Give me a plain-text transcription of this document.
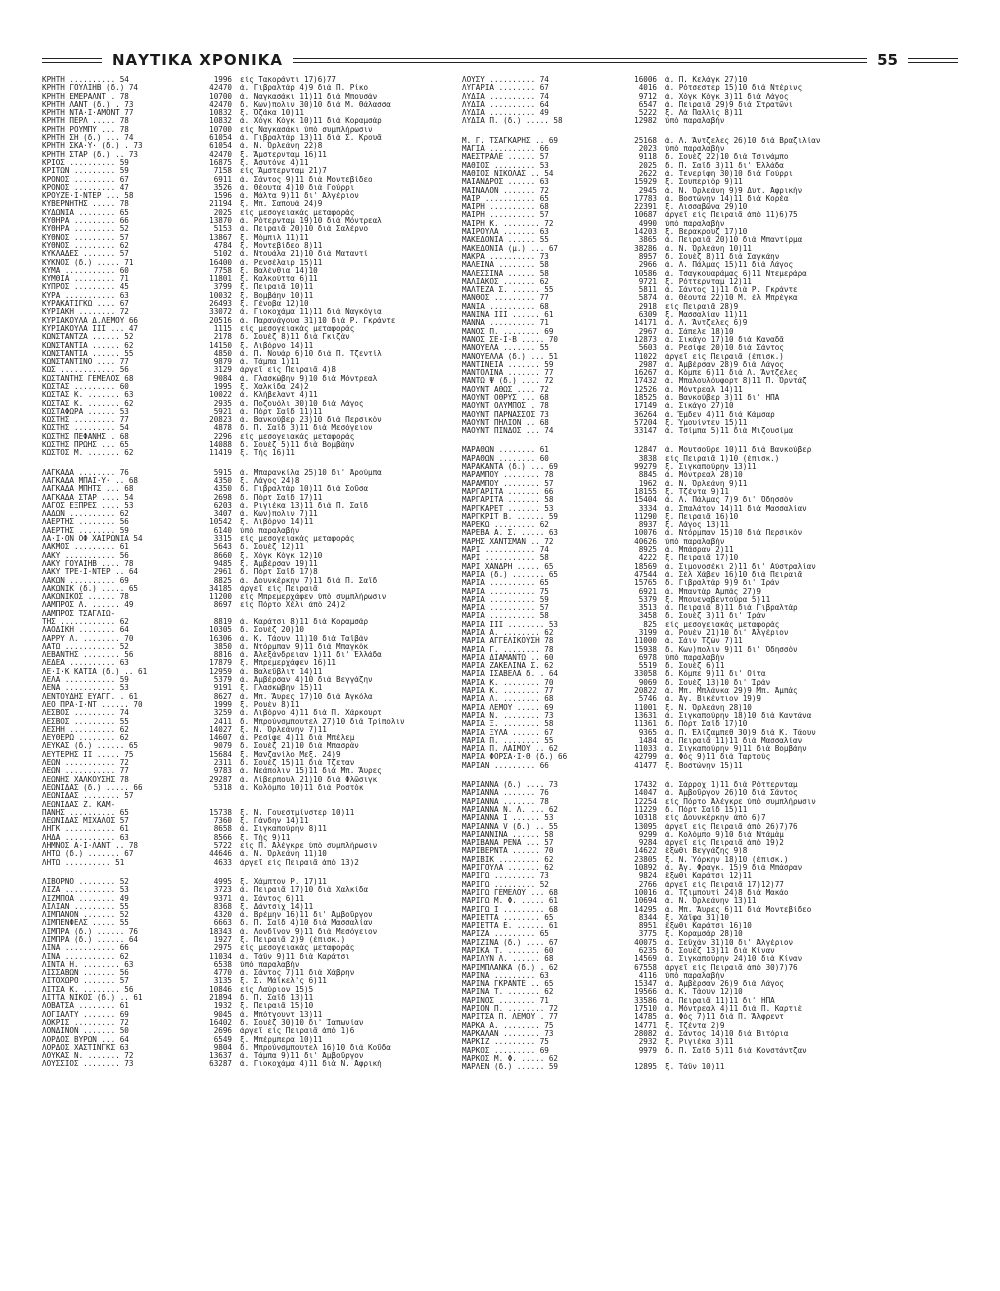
ΝΑΥΤΙΚΑ ΧΡΟΝΙΚΑ	55
ΚΡΗΤΗ .......... 54	1996	εἰς Τακοράντι 17)6)77
ΚΡΗΤΗ ΓΟΥΛΙΗΒ (δ.) 74	42470	ἀ. Γιβραλτὰρ 4)9 διὰ Π. Ρίκο
ΚΡΗΤΗ ΕΜΕΡΑΛΝΤ . 78	10700	ἀ. Ναγκασάκι 11)11 διὰ Μπουσὰν
ΚΡΗΤΗ ΛΑΝΤ (δ.) . 73	42470	δ. Κων)πολιν 30)10 διὰ Μ. Θάλασσα
ΚΡΗΤΗ ΝΤΑ·Ι·ΑΜΟΝΤ 77	10832	ξ. Ὀζάκα 10)11
ΚΡΗΤΗ ΠΕΡΛ ..... 78	10832	ἀ. Χὸγκ Κὸγκ 10)11 διὰ Κοραμσὰρ
ΚΡΗΤΗ ΡΟΥΜΠΥ ... 78	10700	εἰς Ναγκασάκι ὑπὸ συμπλήρωσιν
ΚΡΗΤΗ ΣΗ (δ.) ... 74	61054	ἀ. Γιβραλτὰρ 13)11 διὰ Σ. Κρουᾶ
ΚΡΗΤΗ ΣΚΑ·Υ· (δ.) . 73	61054	ἀ. Ν. Ὀρλεάνη 22)8
ΚΡΗΤΗ ΣΤΑΡ (δ.) .. 73	42470	ξ. Ἄμστερνταμ 16)11
ΚΡΙΟΣ .......... 59	16875	ξ. Ἀσυτόνε 4)11
ΚΡΙΤΩΝ ......... 59	7158	εἰς Ἄμστερνταμ 21)7
ΚΡΟΝΟΣ ......... 67	6911	ἀ. Σάντος 9)11 διὰ Μοντεβίδεο
ΚΡΟΝΟΣ ......... 47	3526	ἀ. Θέουτα 4)10 διὰ Γούρρι
ΚΡΟΥΖΕ·Ι·ΝΤΕΡ ... 58	1596	ἀ. Μάλτα 9)11 δι' Ἀλγέριον
ΚΥΒΕΡΝΗΤΗΣ ..... 78	21194	ξ. Μπ. Σαπουὰ 24)9
ΚΥΔΩΝΙΑ ........ 65	2025	εἰς μεσογειακὰς μεταφορὰς
ΚΥΘΗΡΑ ......... 66	13870	ἀ. Ρότερνταμ 19)10 διὰ Μόντρεαλ
ΚΥΘΗΡΑ ......... 52	5153	ἀ. Πειραιᾶ 20)10 διὰ Σαλέρνο
ΚΥΘΝΟΣ ......... 57	13867	ξ. Μόμπιλ 11)11
ΚΥΘΝΟΣ ......... 62	4784	ξ. Μοντεβίδεο 8)11
ΚΥΚΛΑΔΕΣ ....... 57	5102	ἀ. Ντουάλα 21)10 διὰ Ματαντί
ΚΥΚΝΟΣ (δ.) ..... 71	16400	ἀ. Ρενσέλαιρ 15)11
ΚΥΜΑ ........... 60	7758	ξ. Βαλένθια 14)10
ΚΥΜΘΙΑ ......... 71	11801	ξ. Καλκούττα 6)11
ΚΥΠΡΟΣ ......... 45	3799	ξ. Πειραιᾶ 10)11
ΚΥΡΑ ........... 63	10032	ξ. Βομβάην 10)11
ΚΥΡΑΚΑΤΙΓΚΩ .... 67	26493	ξ. Γένοβα 12)10
ΚΥΡΙΑΚΗ ........ 72	33072	ἀ. Γιοκοχάμα 11)11 διὰ Ναγκόγια
ΚΥΡΙΑΚΟΥΛΑ Δ.ΛΕΜΟΥ 66	20516	ἀ. Παρανάγουα 31)10 διὰ Ρ. Γκράντε
ΚΥΡΙΑΚΟΥΛΑ ΙΙΙ ... 47	1115	εἰς μεσογειακὰς μεταφορὰς
ΚΩΝΣΤΑΝΤΖΑ ...... 52	2178	δ. Σουὲζ 8)11 διὰ Γκιζὰν
ΚΩΝΣΤΑΝΤΙΑ ...... 62	14150	ξ. Λιβόρνο 14)11
ΚΩΝΣΤΑΝΤΙΑ ...... 55	4850	ἀ. Π. Νουὰρ 6)10 διὰ Π. Τζεντὶλ
ΚΩΝΣΤΑΝΤΙΝΟ .... 77	9879	ἀ. Τάμπα 1)11
ΚΩΣ ............ 56	3129	ἀργεῖ εἰς Πειραιᾶ 4)8
ΚΩΣΤΑΝΤΗΣ ΓΕΜΕΛΟΣ 68	9084	ἀ. Γλασκώβην 9)10 διὰ Μόντρεαλ
ΚΩΣΤΑΣ ......... 60	1995	ξ. Χαλκίδα 24)2
ΚΩΣΤΑΣ Κ. ....... 63	10022	ἀ. Κλήβελαντ 4)11
ΚΩΣΤΑΣ Κ. ....... 62	2935	ἀ. Ποζουόλι 30)10 διὰ Λάγος
ΚΩΣΤΑΦΩΡΑ ...... 53	5921	ἀ. Πὸρτ Σαΐδ 11)11
ΚΩΣΤΗΣ ......... 77	20823	ἀ. Βανκούβερ 23)10 διὰ Περσικὸν
ΚΩΣΤΗΣ ......... 54	4878	δ. Π. Σαΐδ 3)11 διὰ Μεσόγειον
ΚΩΣΤΗΣ ΠΕΦΑΝΗΣ . 68	2296	εἰς μεσογειακὰς μεταφορὰς
ΚΩΣΤΗΣ ΠΡΩΗΣ ... 65	14088	δ. Σουὲζ 5)11 διὰ Βομβάην
ΚΩΣΤΟΣ Μ. ....... 62	11419	ξ. Τὴς 16)11
ΛΑΓΚΑΔΑ ........ 76	5915	ἀ. Μπαρανκίλα 25)10 δι' Ἀρούμπα
ΛΑΓΚΑΔΑ ΜΠΑΙ·Υ· .. 68	4350	ξ. Λάγος 24)8
ΛΑΓΚΑΔΑ ΜΠΗΤΣ ... 68	4350	δ. Γιβραλτὰρ 10)11 διὰ Σοῦσα
ΛΑΓΚΑΔΑ ΣΤΑΡ .... 54	2698	δ. Πὸρτ Σαΐδ 17)11
ΛΑΓΟΣ ΕΞΠΡΕΣ .... 53	6203	ἀ. Ριγιέκα 13)11 διὰ Π. Σαΐδ
ΛΑΔΩΝ .......... 62	3407	ἀ. Κων)πολιν 7)11
ΛΑΕΡΤΗΣ ........ 56	10542	ξ. Λιβόρνο 14)11
ΛΑΕΡΤΗΣ ........ 59	6140	ὑπὸ παραλαβὴν
ΛΑ·Ι·ΟΝ ΟΦ ΧΑΙΡΩΝΙΑ 54	3315	εἰς μεσογειακὰς μεταφορὰς
ΛΑΚΜΟΣ ......... 61	5643	δ. Σουὲζ 12)11
ΛΑΚΥ ........... 56	8660	ξ. Χὸγκ Κὸγκ 12)10
ΛΑΚΥ ΓΟΥΑΙΗΒ .... 78	9485	ξ. Ἀμβέρσαν 19)11
ΛΑΚΥ ΤΡΕ·Ι·ΝΤΕΡ .. 64	2961	δ. Πὸρτ Σαΐδ 17)8
ΛΑΚΩΝ .......... 69	8825	ἀ. Δουνκέρκην 7)11 διὰ Π. Σαΐδ
ΛΑΚΩΝΙΚ (δ.) ..... 65	34185	ἀργεῖ εἰς Πειραιᾶ
ΛΑΚΩΝΙΚΟΣ ...... 78	11200	εἰς Μπρεμερχάφεν ὑπὸ συμπλήρωσιν
ΛΑΜΠΡΟΣ Λ. ...... 49	8697	εἰς Πόρτο Χέλι ἀπὸ 24)2
ΛΑΜΠΡΟΣ ΤΣΑΓΛΙΩ-
ΤΗΣ ............ 62	8819	ἀ. Καράτσι 8)11 διὰ Κοραμσὰρ
ΛΑΟΔΙΚΗ ........ 64	10305	δ. Σουὲζ 20)10
ΛΑΡΡΥ Λ. ........ 70	16306	ἀ. Κ. Τάουν 11)10 διὰ Ταϊβὰν
ΛΑΤΩ ........... 52	3850	ἀ. Ντόρμπαν 9)11 διὰ Μπαγκὸκ
ΛΕΒΑΝΤΗΣ ........ 56	8816	ἀ. Ἀλεξάνδρειαν 1)11 δι' Ἑλλάδα
ΛΕΔΕΑ .......... 63	17879	ξ. Μπρεμερχάφεν 16)11
ΛΕ·Ι·Κ ΚΑΤΙΑ (δ.) .. 61	12959	ἀ. Βαλεῦβλιτ 14)11
ΛΕΛΑ ........... 59	5379	ἀ. Ἀμβέρσαν 4)10 διὰ Βεγγάζην
ΛΕΝΑ ........... 53	9191	ξ. Γλασκώβην 15)11
ΛΕΝΤΟΥΔΗΣ ΕΥΑΓΓ. . 61	8627	ἀ. Μπ. Ἄυρες 17)10 διὰ Ἀγκόλα
ΛΕΟ ΠΡΑ·Ι·ΝΤ ...... 70	1999	ξ. Ρουὲν 8)11
ΛΕΣΒΟΣ ......... 74	3259	ἀ. Λιβόρνο 4)11 διὰ Π. Χάρκουρτ
ΛΕΣΒΟΣ ......... 55	2411	δ. Μπρούνσμπουτελ 27)10 διὰ Τρίπολιν
ΛΕΣΗΗ .......... 62	14027	ξ. Ν. Ὀρλεάνην 7)11
ΛΕΥΘΕΡΩ ........ 62	14607	ἀ. Ρεσίφε 4)11 διὰ Μπέλεμ
ΛΕΥΚΑΣ (δ.) ...... 65	9079	δ. Σουὲζ 21)10 διὰ Μπασρὰν
ΛΕΥΤΕΡΗΣ ΙΙ ..... 75	15684	ξ. Μανζανίλο Μεξ. 24)9
ΛΕΩΝ ........... 72	2311	δ. Σουὲζ 15)11 διὰ Τζεταν
ΛΕΩΝ ........... 77	9783	ἀ. Νεάπολιν 15)11 διὰ Μπ. Ἄυρες
ΛΕΩΝΗΣ ΧΑΛΚΟΥΣΗΣ 78	29287	ἀ. Λίβερπουλ 21)10 διὰ Φλῶσιγκ
ΛΕΩΝΙΔΑΣ (δ.) ..... 66	5318	ἀ. Κολόμπο 10)11 διὰ Ροστὸκ
ΛΕΩΝΙΔΑΣ ........ 57
ΛΕΩΝΙΔΑΣ Ζ. ΚΑΜ-
ΠΑΝΗΣ .......... 65	15738	ξ. Ν. Γουεστμίνστερ 10)11
ΛΕΩΝΙΔΑΣ ΜΙΧΑΛΟΣ 57	7360	ξ. Γάνδην 14)11
ΛΗΓΚ ........... 61	8658	ἀ. Σιγκαπούρην 8)11
ΛΗΔΑ ........... 63	8566	ξ. Τὴς 9)11
ΛΗΜΝΟΣ Α·Ι·ΛΑΝΤ .. 78	5722	εἰς Π. Ἀλέγκρε ὑπὸ συμπλήρωσιν
ΛΗΤΩ (δ.) ....... 67	44646	ἀ. Ν. Ὀρλεάνη 11)10
ΛΗΤΩ .......... 51	4633	ἀργεῖ εἰς Πειραιᾶ ἀπὸ 13)2
ΛΙΒΟΡΝΟ ........ 52	4995	ξ. Χάμπτον Ρ. 17)11
ΛΙΖΑ ........... 53	3723	ἀ. Πειραιᾶ 17)10 διὰ Χαλκίδα
ΛΙΖΜΠΟΑ ........ 49	9371	ἀ. Σάντος 6)11
ΛΙΛΙΑΝ ......... 55	8368	ξ. Δάντσιχ 14)11
ΛΙΜΠΑΝΟΝ ....... 52	4320	ἀ. Βρέμην 16)11 δι' Ἀμβοῦργον
ΛΙΜΠΕΝΦΕΛΣ ..... 55	6663	δ. Π. Σαΐδ 4)10 διὰ Μασσαλίαν
ΛΙΜΠΡΑ (δ.) ...... 76	18343	ἀ. Λονδῖνον 9)11 διὰ Μεσόγειον
ΛΙΜΠΡΑ (δ.) ...... 64	1927	ξ. Πειραιᾶ 2)9 (ἐπισκ.)
ΛΙΝΑ ........... 66	2975	εἰς μεσογειακὰς μεταφορὰς
ΛΙΝΑ ........... 62	11034	ἀ. Τάϋν 9)11 διὰ Καράτσι
ΛΙΝΤΑ Η. ........ 63	6538	ὑπὸ παραλαβὴν
ΛΙΣΣΑΒΩΝ ....... 56	4770	ἀ. Σάντος 7)11 διὰ Χάβρην
ΛΙΤΟΧΩΡΟ ....... 57	3135	ξ. Σ. Μάϊκελ'ς 6)11
ΛΙΤΣΑ Κ. ........ 56	10846	εἰς Λαύριον 15)5
ΛΙΤΤΑ ΝΙΚΟΣ (δ.) .. 61	21894	δ. Π. Σαΐδ 13)11
ΛΟΒΑΤΣΑ ........ 61	1932	ξ. Πειραιᾶ 15)10
ΛΟΓΙΑΛΤΥ ....... 69	9045	ἀ. Μπότγουντ 13)11
ΛΟΚΡΙΣ ......... 72	16402	δ. Σουὲζ 30)10 δι' Ἰαπωνίαν
ΛΟΝΔΙΝΟΝ ....... 50	2696	ἀργεῖ εἰς Πειραιᾶ ἀπὸ 1)6
ΛΟΡΔΟΣ ΒΥΡΩΝ ... 64	6549	ξ. Μπέρμπερα 10)11
ΛΟΡΔΟΣ ΧΑΣΤΙΝΓΚΣ 63	9804	δ. Μπρούνσμπουτελ 16)10 διὰ Κοῦδα
ΛΟΥΚΑΣ Ν. ....... 72	13637	ἀ. Τάμπα 9)11 δι' Ἀμβοῦργον
ΛΟΥΣΣΙΟΣ ........ 73	63287	ἀ. Γιοκοχάμα 4)11 διὰ Ν. Ἀφρικὴ
ΛΟΥΣΥ .......... 74	16006	ἀ. Π. Κελάγκ 27)10
ΛΥΓΑΡΙΑ ........ 67	4016	ἀ. Ρότσεστερ 15)10 διὰ Ντέρινς
ΛΥΔΙΑ .......... 74	9712	ἀ. Χὸγκ Κὸγκ 3)11 διὰ Λάγος
ΛΥΔΙΑ .......... 64	6547	ἀ. Πειραιᾶ 29)9 διὰ Στρατῶνι
ΛΥΔΙΑ .......... 49	5222	ξ. Λὰ Παλλὶς 8)11
ΛΥΔΙΑ Π. (δ.) ..... 58	12982	ὑπὸ παραλαβὴν
Μ. Γ. ΤΣΑΓΚΑΡΗΣ .. 69	25168	ἀ. Λ. Ἄντζελες 26)10 διὰ Βραζιλίαν
ΜΑΓΙΑ .......... 66	2023	ὑπὸ παραλαβὴν
ΜΑΕΣΤΡΑΛΕ ...... 57	9118	δ. Σουὲζ 22)10 διὰ Τσινάμπο
ΜΑΘΙΟΣ ......... 53	2025	δ. Π. Σαΐδ 3)11 δι' Ἑλλάδα
ΜΑΘΙΟΣ ΝΙΚΟΛΑΣ .. 54	2622	ἀ. Τενερίφη 30)10 διὰ Γούρρι
ΜΑΙΑΝΔΡΟΣ ...... 63	15929	ξ. Σουπεριὸρ 9)11
ΜΑΙΝΑΛΟΝ ....... 72	2945	ἀ. Ν. Ὀρλεάνη 9)9 Δυτ. Ἀφρικὴν
ΜΑΙΡ ........... 65	17783	ἀ. Βοστώνην 14)11 διὰ Κορέα
ΜΑΙΡΗ .......... 68	22391	ξ. Λισσαβῶνα 29)10
ΜΑΙΡΗ .......... 57	10687	ἀργεῖ εἰς Πειραιᾶ ἀπὸ 11)6)75
ΜΑΙΡΗ Κ. ........ 72	4990	ὑπὸ παραλαβὴν
ΜΑΙΡΟΥΛΑ ....... 63	14203	ξ. Βερακρουζ 17)10
ΜΑΚΕΔΟΝΙΑ ...... 55	3865	ἀ. Πειραιᾶ 20)10 διὰ Μπαντίρμα
ΜΑΚΕΔΟΝΙΑ (μ.) ... 67	38286	ἀ. Ν. Ὀρλεάνη 10)11
ΜΑΚΡΑ .......... 73	8957	δ. Σουὲζ 8)11 διὰ Σαγκάην
ΜΑΛΕΙΝΑ ........ 58	2966	ἀ. Λ. Πάλμας 15)11 διὰ Λάγος
ΜΑΛΕΣΣΙΝΑ ...... 58	10586	ἀ. Τσαγκουαράμας 6)11 Ντεμεράρα
ΜΑΛΙΑΚΟΣ ....... 62	9721	ξ. Ρόττερνταμ 12)11
ΜΑΛΤΕΖΑ Σ. ...... 55	5811	ἀ. Σάντος 1)11 διὰ Ρ. Γκράντε
ΜΑΝΘΟΣ ......... 77	5874	ἀ. Θέουτα 22)10 Μ. ἐλ Μπρέγκα
ΜΑΝΙΑ .......... 68	2918	εἰς Πειραιᾶ 28)9
ΜΑΝΙΝΑ ΙΙΙ ...... 61	6309	ξ. Μασσαλίαν 11)11
ΜΑΝΝΑ .......... 71	14171	ἀ. Λ. Ἄντζελες 6)9
ΜΑΝΟΣ Π. ........ 69	2967	ἀ. Σάπελε 18)10
ΜΑΝΟΣ ΣΕ·Ι·Β ..... 70	12873	ἀ. Σικάγο 17)10 διὰ Καναδᾶ
ΜΑΝΟΥΕΛΑ ....... 55	5603	ἀ. Ρεσίφε 20)10 διὰ Σάντος
ΜΑΝΟΥΕΛΛΑ (δ.) ... 51	11022	ἀργεῖ εἰς Πειραιᾶ (ἐπισκ.)
ΜΑΝΤΙΝΕΙΑ ....... 59	2987	ἀ. Ἀμβέρσαν 28)9 διὰ Λάγος
ΜΑΝΤΟΛΙΝΑ ....... 77	16267	ἀ. Κόμπε 6)11 διὰ Λ. Ἄντζελες
ΜΑΝΤΩ Ψ (δ.) .... 72	17432	ἀ. Μπαλουλόυφορτ 8)11 Π. Ὀρντάζ
ΜΑΟΥΝΤ ΑΘΩΣ .... 72	12526	ἀ. Μόντρεαλ 14)11
ΜΑΟΥΝΤ ΟΘΡΥΣ ... 68	18525	ἀ. Βανκούβερ 3)11 δι' ΗΠΑ
ΜΑΟΥΝΤ ΟΛΥΜΠΟΣ . 78	17149	ἀ. Σικάγο 27)10
ΜΑΟΥΝΤ ΠΑΡΝΑΣΣΟΣ 73	36264	ἀ. Ἔμδεν 4)11 διὰ Κάμσαρ
ΜΑΟΥΝΤ ΠΗΛΙΟΝ .. 68	57204	ξ. Ὑμουίντεν 15)11
ΜΑΟΥΝΤ ΠΙΝΔΟΣ ... 74	33147	ἀ. Τσίμπα 5)11 διὰ Μιζουσίμα
ΜΑΡΑΘΩΝ ........ 61	12847	ἀ. Μουτσοῦρε 10)11 διὰ Βανκούβερ
ΜΑΡΑΘΩΝ ........ 60	3838	εἰς Πειραιᾶ 1)10 (ἐπισκ.)
ΜΑΡΑΚΑΝΤΑ (δ.) ... 69	99279	ξ. Σιγκαπούρην 13)11
ΜΑΡΑΜΠΟΥ ........ 78	8845	ἀ. Μόντρεαλ 28)10
ΜΑΡΑΜΠΟΥ ........ 57	1962	ἀ. Ν. Ὀρλεάνη 9)11
ΜΑΡΓΑΡΙΤΑ ....... 66	18155	ξ. Τζέντα 9)11
ΜΑΡΓΑΡΙΤΑ ....... 58	15404	ἀ. Λ. Πάλμας 7)9 δι' Ὀδησσὸν
ΜΑΡΓΚΑΡΕΤ ....... 53	3334	ἀ. Σπαλάτον 14)11 διὰ Μασσαλίαν
ΜΑΡΓΚΡΙΤ Β. ...... 59	11290	ξ. Πειραιᾶ 16)10
ΜΑΡΕΚΩ ......... 62	8937	ξ. Λάγος 13)11
ΜΑΡΕΒΑ Α. Σ. ..... 63	10076	ἀ. Ντόρμπαν 15)10 διὰ Περσικὸν
ΜΑΡΗΣ ΧΑΝΤΣΜΑΝ .. 72	40626	ὑπὸ παραλαβὴν
ΜΑΡΙ ........... 74	8925	ἀ. Μπάσραν 2)11
ΜΑΡΙ ........... 58	4222	ξ. Πειραιᾶ 17)10
ΜΑΡΙ ΧΑΝΔΡΗ ..... 65	18569	ἀ. Σιμονοσέκι 2)11 δι' Αὐστραλίαν
ΜΑΡΙΑ (δ.) ....... 65	47544	ἀ. Σὲλ Χάβεν 16)10 διὰ Πειραιᾶ
ΜΑΡΙΑ .......... 65	15765	δ. Γιβραλτὰρ 9)9 δι' Ἰρὰν
ΜΑΡΙΑ .......... 75	6921	ἀ. Μπαντὰρ Ἀμπὰς 27)9
ΜΑΡΙΑ .......... 59	5379	ξ. Μπουεναβεντούρα 5)11
ΜΑΡΙΑ .......... 57	3513	ἀ. Πειραιᾶ 8)11 διὰ Γιβραλτὰρ
ΜΑΡΙΑ .......... 58	3458	δ. Σουὲζ 3)11 δι' Ἰρὰν
ΜΑΡΙΑ ΙΙΙ ........ 53	825	εἰς μεσογειακὰς μεταφορὰς
ΜΑΡΙΑ Α. ........ 62	3199	ἀ. Ρουὲν 21)10 δι' Ἀλγέριον
ΜΑΡΙΑ ΑΓΓΕΛΙΚΟΥΣΗ 78	11000	ἀ. Σάιν Τζὼν 7)11
ΜΑΡΙΑ Γ. ........ 78	15938	δ. Κων)πολιν 9)11 δι' Ὀδησσὸν
ΜΑΡΙΑ ΔΙΑΜΑΝΤΩ .. 60	6978	ὑπὸ παραλαβὴν
ΜΑΡΙΑ ΖΑΚΕΛΙΝΑ Σ. 62	5519	δ. Σουὲζ 6)11
ΜΑΡΙΑ ΙΣΑΒΕΛΑ δ. . 64	33058	δ. Κόμπε 9)11 δι' Οἶτα
ΜΑΡΙΑ Κ. ........ 70	9069	δ. Σουὲζ 13)10 δι' Ἰρὰν
ΜΑΡΙΑ Κ. ........ 77	20822	ἀ. Μπ. Μπλάνκα 29)9 Μπ. Ἀμπὰς
ΜΑΡΙΑ Λ. ........ 68	5746	ἀ. Ἀγ. Βικέντιον 19)9
ΜΑΡΙΑ ΛΕΜΟΥ ..... 69	11001	ξ. Ν. Ὀρλεάνη 28)10
ΜΑΡΙΑ Ν. ........ 73	13631	ἀ. Σιγκαπούρην 18)10 διὰ Καντάνα
ΜΑΡΙΑ Ξ. ........ 58	11361	δ. Πὸρτ Σαΐδ 17)10
ΜΑΡΙΑ ΞΥΛΑ ...... 67	9365	ἀ. Π. Ἐλίζαμπεθ 30)9 διὰ Κ. Τάουν
ΜΑΡΙΑ Π. ........ 55	1484	ἀ. Πειραιᾶ 11)11 διὰ Μασσαλίαν
ΜΑΡΙΑ Π. ΛΑΙΜΟΥ .. 62	11033	ἀ. Σιγκαπούρην 9)11 διὰ Βομβάην
ΜΑΡΙΑ ΦΟΡΣΑ·Ι·Θ (δ.) 66	42799	ἀ. Φὸς 9)11 διὰ Ταρτοὺς
ΜΑΡΙΑΝ ......... 66	41477	ξ. Βοστώνην 15)11
ΜΑΡΙΑΝΝΑ (δ.) .... 73	17432	ἀ. Σάρροχ 1)11 διὰ Ρόττερνταμ
ΜΑΡΙΑΝΝΑ ....... 76	14047	ἀ. Ἀμβοῦργον 26)10 διὰ Σάντος
ΜΑΡΙΑΝΝΑ ....... 78	12254	εἰς Πόρτο Ἀλέγκρε ὑπὸ συμπλήρωσιν
ΜΑΡΙΑΝΝΑ Ν. Λ. ... 62	11229	δ. Πὸρτ Σαΐδ 15)11
ΜΑΡΙΑΝΝΑ Ι ...... 53	10318	εἰς Δουνκέρκην ἀπὸ 6)7
ΜΑΡΙΑΝΝΑ V (δ.) .. 55	13095	ἀργεῖ εἰς Πειραιᾶ ἀπὸ 26)7)76
ΜΑΡΙΑΝΝΙΝΑ ...... 58	9299	ἀ. Κολόμπο 9)10 διὰ Ντάμὰμ
ΜΑΡΙΒΑΝΑ ΡΕΝΑ ... 57	9284	ἀργεῖ εἰς Πειραιᾶ ἀπὸ 19)2
ΜΑΡΙΒΕΡΝΤΑ ...... 70	14622	ἔξωθι Βεγγάζης 9)8
ΜΑΡΙΒΙΚ ......... 62	23805	ξ. Ν. Ὑόρκην 18)10 (ἐπισκ.)
ΜΑΡΙΓΟΥΛΑ ....... 62	10892	ἀ. Ἀγ. Φραγκ. 15)9 διὰ Μπάσραν
ΜΑΡΙΓΩ ......... 73	9824	ἔξωθι Καράτσι 12)11
ΜΑΡΙΓΩ ......... 52	2766	ἀργεῖ εἰς Πειραιᾶ 17)12)77
ΜΑΡΙΓΩ ΓΕΜΕΛΟΥ ... 68	10016	ἀ. Τζιμπουτὶ 24)8 διὰ Μακάο
ΜΑΡΙΓΩ Μ. Φ. ..... 61	10694	ἀ. Ν. Ὀρλεάνην 13)11
ΜΑΡΙΓΩ Ι ......... 68	14295	ἀ. Μπ. Ἄυρες 6)11 διὰ Μοντεβίδεο
ΜΑΡΙΕΤΤΑ ........ 65	8344	ξ. Χάϊφα 31)10
ΜΑΡΙΕΤΤΑ Ε. ...... 61	8951	ἔξωθι Καράτσι 16)10
ΜΑΡΙΖΑ ......... 65	3775	ξ. Κοραμσὰρ 28)10
ΜΑΡΙΖΙΝΑ (δ.) .... 67	40075	ἀ. Σεΰχὰν 31)10 δι' Ἀλγέριον
ΜΑΡΙΚΑ Τ. ....... 60	6235	δ. Σουὲζ 13)11 διὰ Κίναν
ΜΑΡΙΛΥΝ Λ. ...... 68	14569	ἀ. Σιγκαπούρην 24)10 διὰ Κίναν
ΜΑΡΙΜΠΛΑΝΚΑ (δ.) . 62	67558	ἀργεῖ εἰς Πειραιᾶ ἀπὸ 30)7)76
ΜΑΡΙΝΑ ......... 63	4116	ὑπὸ παραλαβὴν
ΜΑΡΙΝΑ ΓΚΡΑΝΤΕ .. 65	15347	ἀ. Ἀμβέρσαν 26)9 διὰ Λάγος
ΜΑΡΙΝΑ Τ. ....... 62	19566	ἀ. Κ. Τάουν 12)10
ΜΑΡΙΝΟΣ ........ 71	33586	ἀ. Πειραιᾶ 11)11 δι' ΗΠΑ
ΜΑΡΙΟΝ Π. ........ 72	17510	ἀ. Μόντρεαλ 4)11 διὰ Π. Καρτιὲ
ΜΑΡΙΤΣΑ Π. ΛΕΜΟΥ . 77	14785	ἀ. Φὸς 7)11 διὰ Π. Ἄλφρεντ
ΜΑΡΚΑ Α. ........ 75	14771	ξ. Τζέντα 2)9
ΜΑΡΚΑΛΑΝ ........ 73	28082	ἀ. Σάντος 14)10 διὰ Βιτόρια
ΜΑΡΚΙΖ ......... 75	2932	ξ. Ριγιέκα 3)11
ΜΑΡΚΟΣ ......... 69	9979	δ. Π. Σαΐδ 5)11 διὰ Κονστάντζαν
ΜΑΡΚΟΣ Μ. Φ. ..... 62
ΜΑΡΛΕΝ (δ.) ...... 59	12895	ξ. Τάϋν 10)11
